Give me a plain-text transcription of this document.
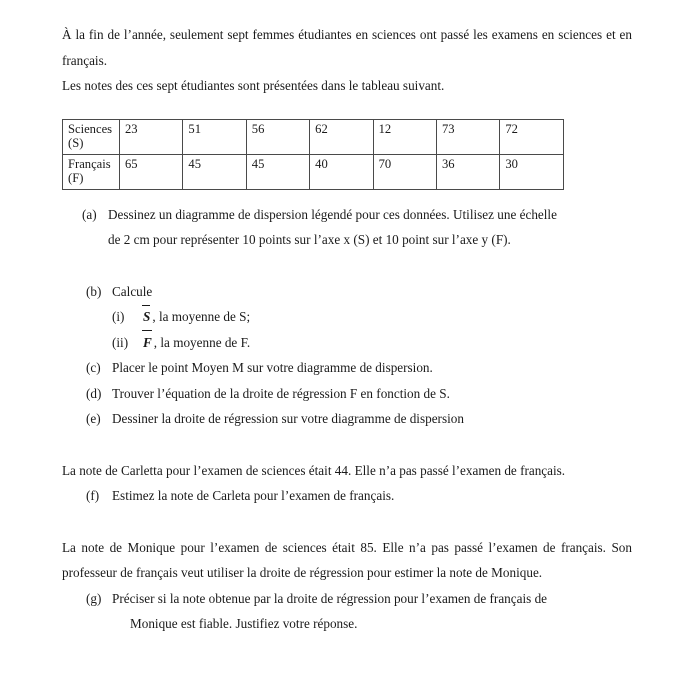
À la fin de l’année, seulement sept femmes étudiantes en sciences ont passé les examens en sciences et en français.

Les notes des ces sept étudiantes sont présentées dans le tableau suivant.

Sciences
(S)	23	51	56	62	12	73	72

Français
(F)	65	45	45	40	70	36	30
(a) Dessinez un diagramme de dispersion légendé pour ces données. Utilisez une échelle
de 2 cm pour représenter 10 points sur l’axe x (S) et 10 point sur l’axe y (F).
(b) Calcule
(i)	S , la moyenne de S;
(ii)	F , la moyenne de F.
(c) Placer le point Moyen M sur votre diagramme de dispersion.
(d) Trouver l’équation de la droite de régression F en fonction de S.
(e) Dessiner la droite de régression sur votre diagramme de dispersion

La note de Carletta pour l’examen de sciences était 44. Elle n’a pas passé l’examen de français.

(f) Estimez la note de Carleta pour l’examen de français.

La note de Monique pour l’examen de sciences était 85. Elle n’a pas passé l’examen de français. Son professeur de français veut utiliser la droite de régression pour estimer la note de Monique.

(g) Préciser si la note obtenue par la droite de régression pour l’examen de français de
Monique est fiable. Justifiez votre réponse.
